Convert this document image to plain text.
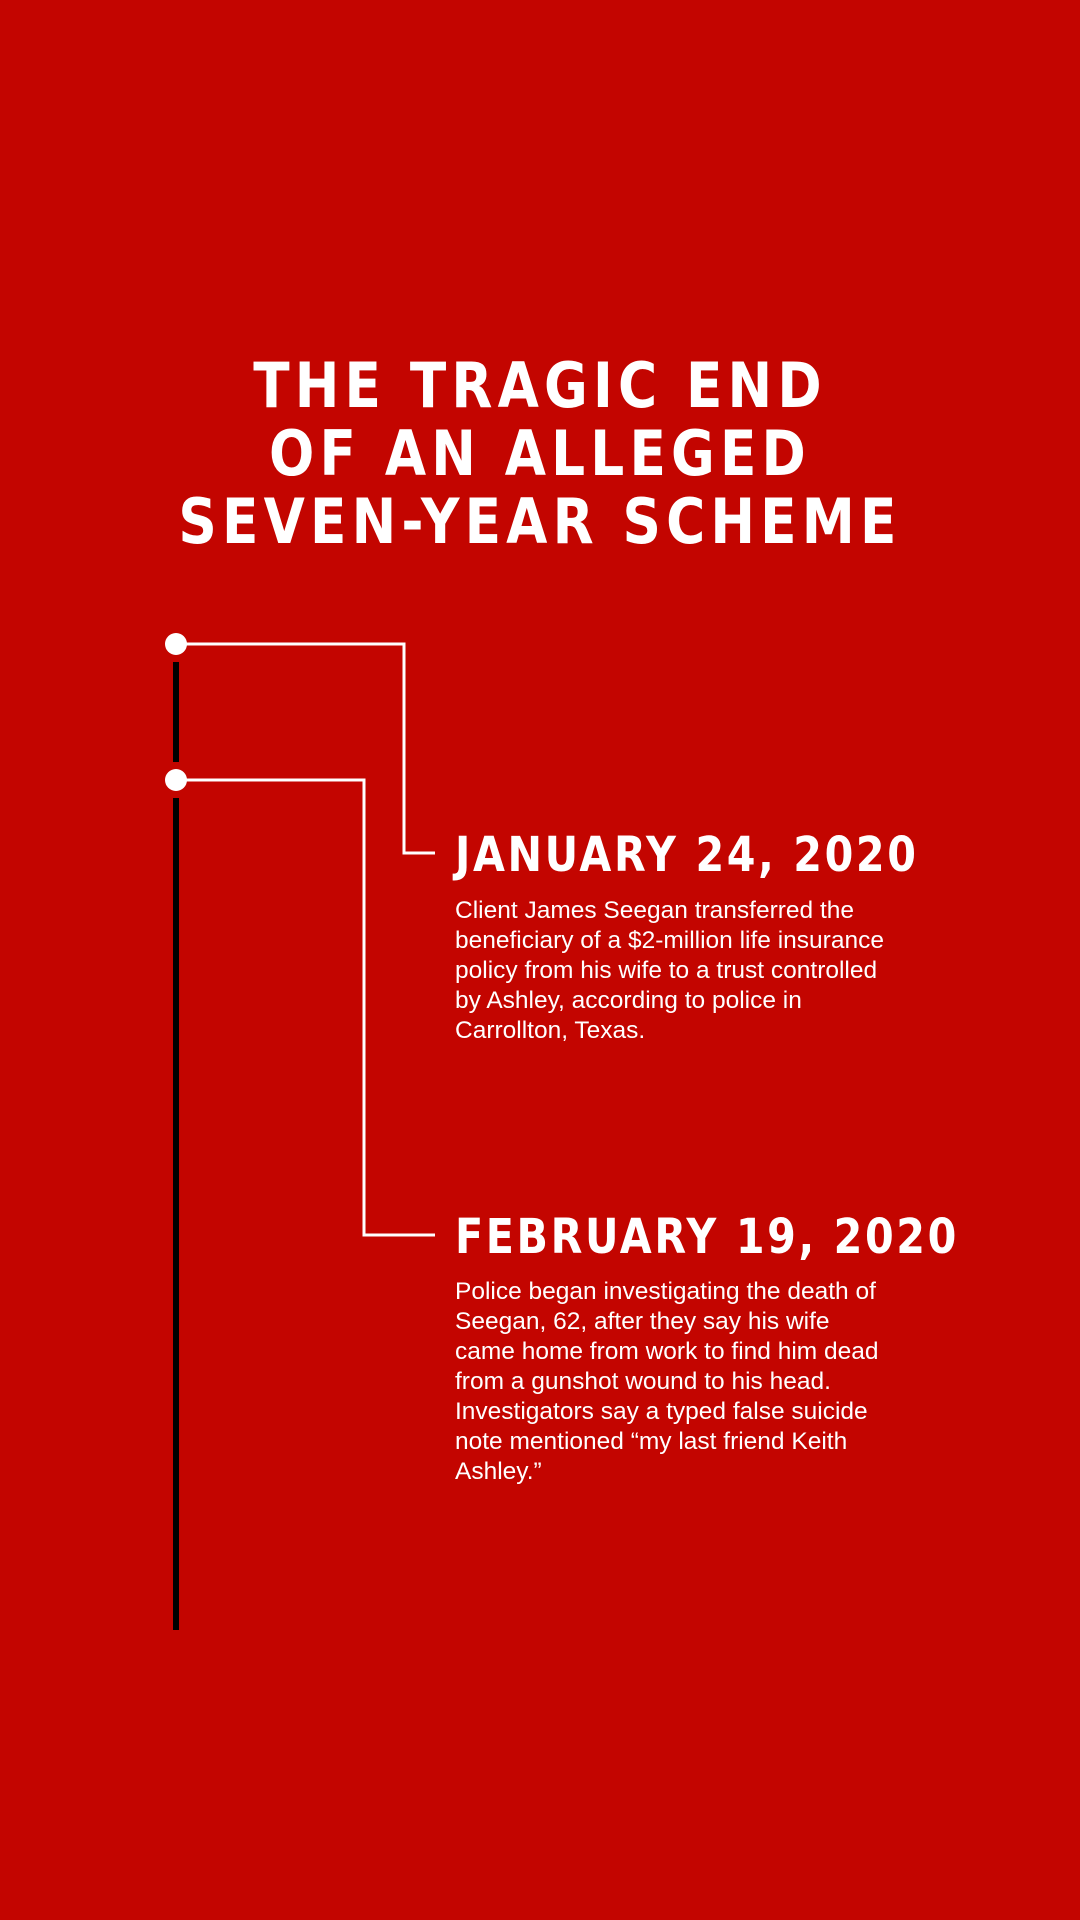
THE TRAGIC END
OF AN ALLEGED
SEVEN-YEAR SCHEME
JANUARY 24, 2020
Client James Seegan transferred the beneficiary of a $2-million life insurance policy from his wife to a trust controlled by Ashley, according to police in Carrollton, Texas.
FEBRUARY 19, 2020
Police began investigating the death of Seegan, 62, after they say his wife came home from work to find him dead from a gunshot wound to his head. Investigators say a typed false suicide note mentioned “my last friend Keith Ashley.”
